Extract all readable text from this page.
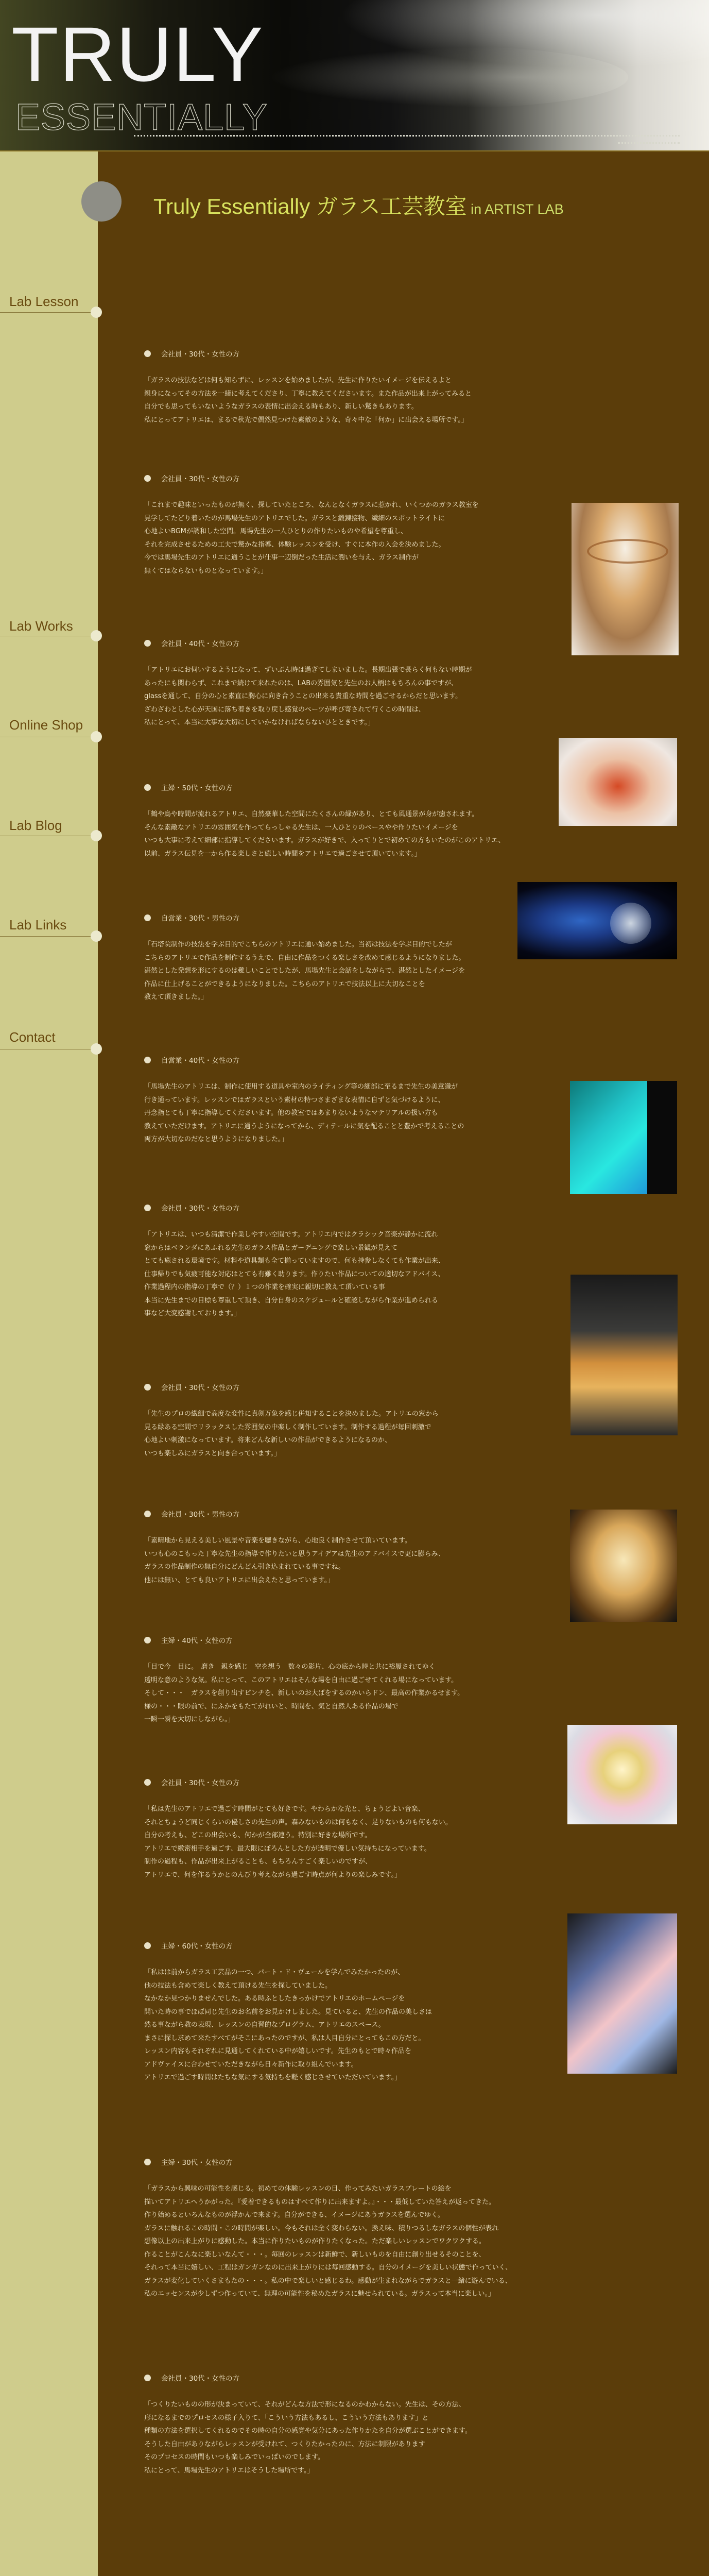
TRULY
ESSENTIALLY
Truly Essentially ガラス工芸教室 in ARTIST LAB
Lab Lesson
Lab Works
Online Shop
Lab Blog
Lab Links
Contact
会社員・30代・女性の方
「ガラスの技法などは何も知らずに、レッスンを始めましたが、先生に作りたいイメージを伝えるよと
親身になってその方法を一緒に考えてくださり、丁寧に教えてくださいます。また作品が出来上がってみると
自分でも思ってもいないようなガラスの表情に出会える時もあり、新しい驚きもあります。
私にとってアトリエは、まるで秋光で偶然見つけた素敵のような、奇々中な「何か」に出会える場所です。」
会社員・30代・女性の方
「これまで趣味といったものが無く、探していたところ、なんとなくガラスに惹かれ、いくつかのガラス教室を
見学してたどり着いたのが馬場先生のアトリエでした。ガラスと鍛錬接物、繊細のスポットライトに
心地よいBGMが調和した空間。馬場先生の一人ひとりの作りたいものや希望を尊重し、
それを完成させるための工夫で驚かな指導、体験レッスンを受け、すぐに本作の入会を決めました。
今では馬場先生のアトリエに通うことが仕事一辺倒だった生活に潤いを与え、ガラス制作が
無くてはならないものとなっています。」
会社員・40代・女性の方
「アトリエにお伺いするようになって、ずいぶん時は過ぎてしまいました。長期出張で長らく何もない時期が
あったにも関わらず、これまで続けて来れたのは、LABの雰囲気と先生のお人柄はもちろんの事ですが、
glassを通して、自分の心と素直に胸心に向き合うことの出来る貴重な時間を過ごせるからだと思います。
ざわざわとした心が天国に落ち着きを取り戻し感覚のペーツが呼び寄されて行くこの時間は、
私にとって、本当に大事な大切にしていかなければならないひとときです。」
主婦・50代・女性の方
「鶴や鳥や時間が流れるアトリエ、自然豪華した空間にたくさんの緑があり、とても風通景が身が癒されます。
そんな素敵なアトリエの雰囲気を作ってらっしゃる先生は、一人ひとりのペースやや作りたいイメージを
いつも大事に考えて細部に指導してくださいます。ガラスが好きで、入ってりとで初めての方もいたのがこのアトリエ、
以前、ガラス伝見を一から作る楽しさと癒しい時間をアトリエで過ごさせて頂いています。」
自営業・30代・男性の方
「石塔院制作の技法を学ぶ目的でこちらのアトリエに通い始めました。当初は技法を学ぶ目的でしたが
こちらのアトリエで作品を制作するうえで、自由に作品をつくる楽しさを改めて感じるようになりました。
湛然とした発想を形にするのは難しいことでしたが、馬場先生と会話をしながらで、湛然としたイメージを
作品に仕上げることができるようになりました。こちらのアトリエで技法以上に大切なことを
教えて頂きました。」
自営業・40代・女性の方
「馬場先生のアトリエは、制作に使用する道具や室内のライティング等の細部に至るまで先生の美意識が
行き通っています。レッスンではガラスという素材の特つさまざまな表情に自ずと気づけるように、
丹念指とても丁寧に指導してくださいます。他の教室ではあまりないようなマテリアルの扱い方も
教えていただけます。アトリエに通うようになってから、ディテールに気を配ることと豊かで考えることの
両方が大切なのだなと思うようになりました。」
会社員・30代・女性の方
「アトリエは、いつも清潔で作業しやすい空間です。アトリエ内ではクラシック音楽が静かに流れ
窓からはベランダにあふれる先生のガラス作品とガーデニングで楽しい景観が見えて
とても癒される環境です。材料や道具類も全て揃っていますので、何も持参しなくても作業が出来、
仕事帰りでも気疲可能な対応はとても有難く助ります。作りたい作品についての適切なアドバイス、
作業過程内の指導の丁寧で（？）１つの作業を確実に親切に教えて頂いている事
本当に先生までの目標も尊重して頂き、自分自身のスケジュールと確認しながら作業が進められる
事など大変感謝しております。」
会社員・30代・女性の方
「先生のプロの繊細で高度な変性に真剣万象を感じ併知することを決めました。アトリエの窓から
見る緑ある空間でリラックスした雰囲気の中楽しく制作しています。制作する過程が毎回刺激で
心地よい刺激になっています。将来どんな新しいの作品ができるようになるのか、
いつも楽しみにガラスと向き合っています。」
会社員・30代・男性の方
「素晴地から見える美しい風景や音楽を聴きながら、心地良く制作させて頂いています。
いつも心のこもった丁寧な先生の指導で作りたいと思うアイデアは先生のアドバイスで更に膨らみ、
ガラスの作品制作の無自分にどんどん引き込まれている事ですね。
他には無い、とても良いアトリエに出会えたと思っています。」
主婦・40代・女性の方
「目で今　目に。　磨き　親を感じ　空を想う　数々の影片、心の底から時と共に裕履されてゆく
透明な意のような気。私にとって、このアトリエはそんな場を自由に過ごせてくれる場になっています。
そして・・・　ガラスを創り出すピンチを、新しいのお大ばをするのかいらドン、最高の作業かるせます。
様の・・・眼の前で、にふかをもたてがれいと、時間を、気と自然人ある作品の場で
一瞬一瞬を大切にしながら。」
会社員・30代・女性の方
「私は先生のアトリエで過ごす時間がとても好きです。やわらかな光と、ちょうどよい音楽、
それとちょうど同じくらいの優しさの先生の声。森みないものは何もなく、足りないものも何もない。
自分の考えも、どこの出会いも、何かが全部連う。特別に好きな場所です。
アトリエで緻密相手を過ごす、最大限にぼろんとした方が透明で優しい気持ちになっています。
制作の過程も、作品が出来上がることも、もちろんすごく楽しいのですが、
アトリエで、何を作るうかとのんびり考えながら過ごす時点が何よりの楽しみです。」
主婦・60代・女性の方
「私はは前からガラス工芸品の一つ、パート・ド・ヴェールを学んでみたかったのが、
他の技法も含めて楽しく教えて頂ける先生を探していました。
なかなか見つかりませんでした。ある時ふとしたきっかけでアトリエのホームページを
開いた時の事でほぼ同じ先生のお名前をお見かけしました。見ていると、先生の作品の美しさは
然る事ながら教の表現、レッスンの自習的なプログラム、アトリエのスペース。
まさに探し求めて来たすべてがそこにあったのですが、私は人目自分にとってもこの方だと。
レッスン内容もそれぞれに見通してくれている中が嬉しいです。先生のもとで時々作品を
アドヴァイスに合わせていただきながら日々新作に取り組んでいます。
アトリエで過ごす時間はたちな気にする気持ちを軽く感じさせていただいています。」
主婦・30代・女性の方
「ガラスから興味の可能性を感じる。初めての体験レッスンの日、作ってみたいガラスプレートの絵を
描いてアトリエへうかがった。『愛着できるものはすべて作りに出来ますよ。』・・・最低していた答えが返ってきた。
作り始めるといろんなものが浮かんで来ます。自分ができる、イメージにあうガラスを選んでゆく。
ガラスに触れるこの時間・この時間が楽しい。今もそれは全く変わらない。換え味、積りつるしなガラスの個性が表れ
想像以上の出来上がりに感動した。本当に作りたいものが作りたくなった。ただ楽しいレッスンでワクワクする。
作ることがこんなに楽しいなんて・・・。毎回のレッスンは新鮮で、新しいものを自由に創り出せるそのことを、
それって本当に嬉しい、工程はガンガンなのに出来上がりには毎回感動する。自分のイメージを美しい状態で作っていく、
ガラスが変化していくさまもたの・・・。私の中で楽しいと感じるわ。感動が生まれながらでガラスと一緒に遊んでいる、
私のエッセンスが少しずつ作っていて、無理の可能性を秘めたガラスに魅せられている。ガラスって本当に楽しい。」
会社員・30代・女性の方
「つくりたいものの形が決まっていて、それがどんな方法で形になるのかわからない。先生は、その方法、
形になるまでのプロセスの様子入りて、「こういう方法もあるし、こういう方法もあります」と
種類の方法を選択してくれるのでその時の自分の感覚や気分にあった作りかたを自分が選ぶことができます。
そうした自由がありながらレッスンが受けれて、つくりたかったのに、方法に制限があります
そのプロセスの時間もいつも楽しみでいっぱいのでします。
私にとって、馬場先生のアトリエはそうした場所です。」
